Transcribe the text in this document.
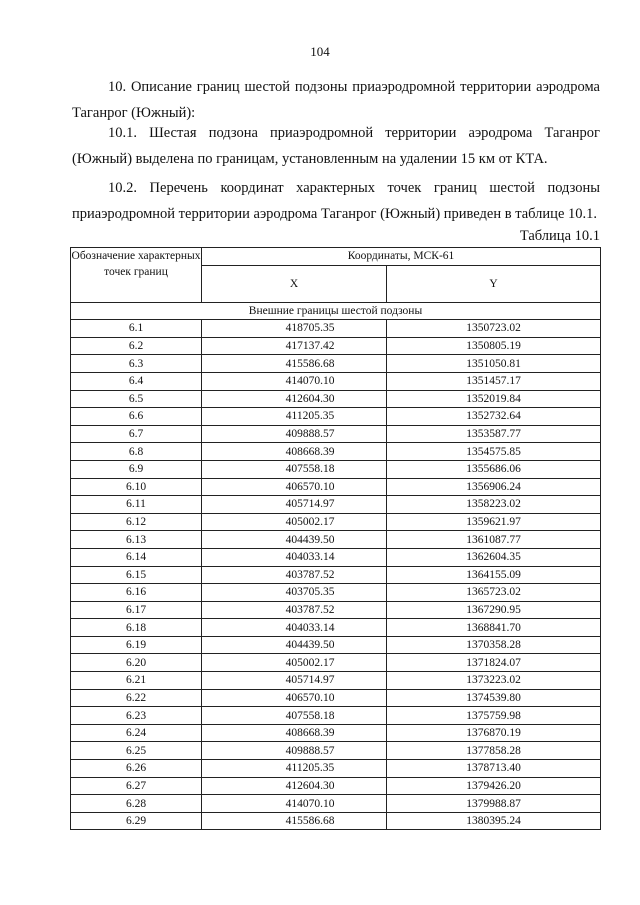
104

10. Описание границ шестой подзоны приаэродромной территории аэродрома Таганрог (Южный):

10.1. Шестая подзона приаэродромной территории аэродрома Таганрог (Южный) выделена по границам, установленным на удалении 15 км от КТА.

10.2. Перечень координат характерных точек границ шестой подзоны приаэродромной территории аэродрома Таганрог (Южный) приведен в таблице 10.1.

Таблица 10.1
Обозначение характерных точек границ	Координаты, МСК-61	
	X	Y
Внешние границы шестой подзоны		
6.1	418705.35	1350723.02
6.2	417137.42	1350805.19
6.3	415586.68	1351050.81
6.4	414070.10	1351457.17
6.5	412604.30	1352019.84
6.6	411205.35	1352732.64
6.7	409888.57	1353587.77
6.8	408668.39	1354575.85
6.9	407558.18	1355686.06
6.10	406570.10	1356906.24
6.11	405714.97	1358223.02
6.12	405002.17	1359621.97
6.13	404439.50	1361087.77
6.14	404033.14	1362604.35
6.15	403787.52	1364155.09
6.16	403705.35	1365723.02
6.17	403787.52	1367290.95
6.18	404033.14	1368841.70
6.19	404439.50	1370358.28
6.20	405002.17	1371824.07
6.21	405714.97	1373223.02
6.22	406570.10	1374539.80
6.23	407558.18	1375759.98
6.24	408668.39	1376870.19
6.25	409888.57	1377858.28
6.26	411205.35	1378713.40
6.27	412604.30	1379426.20
6.28	414070.10	1379988.87
6.29	415586.68	1380395.24
